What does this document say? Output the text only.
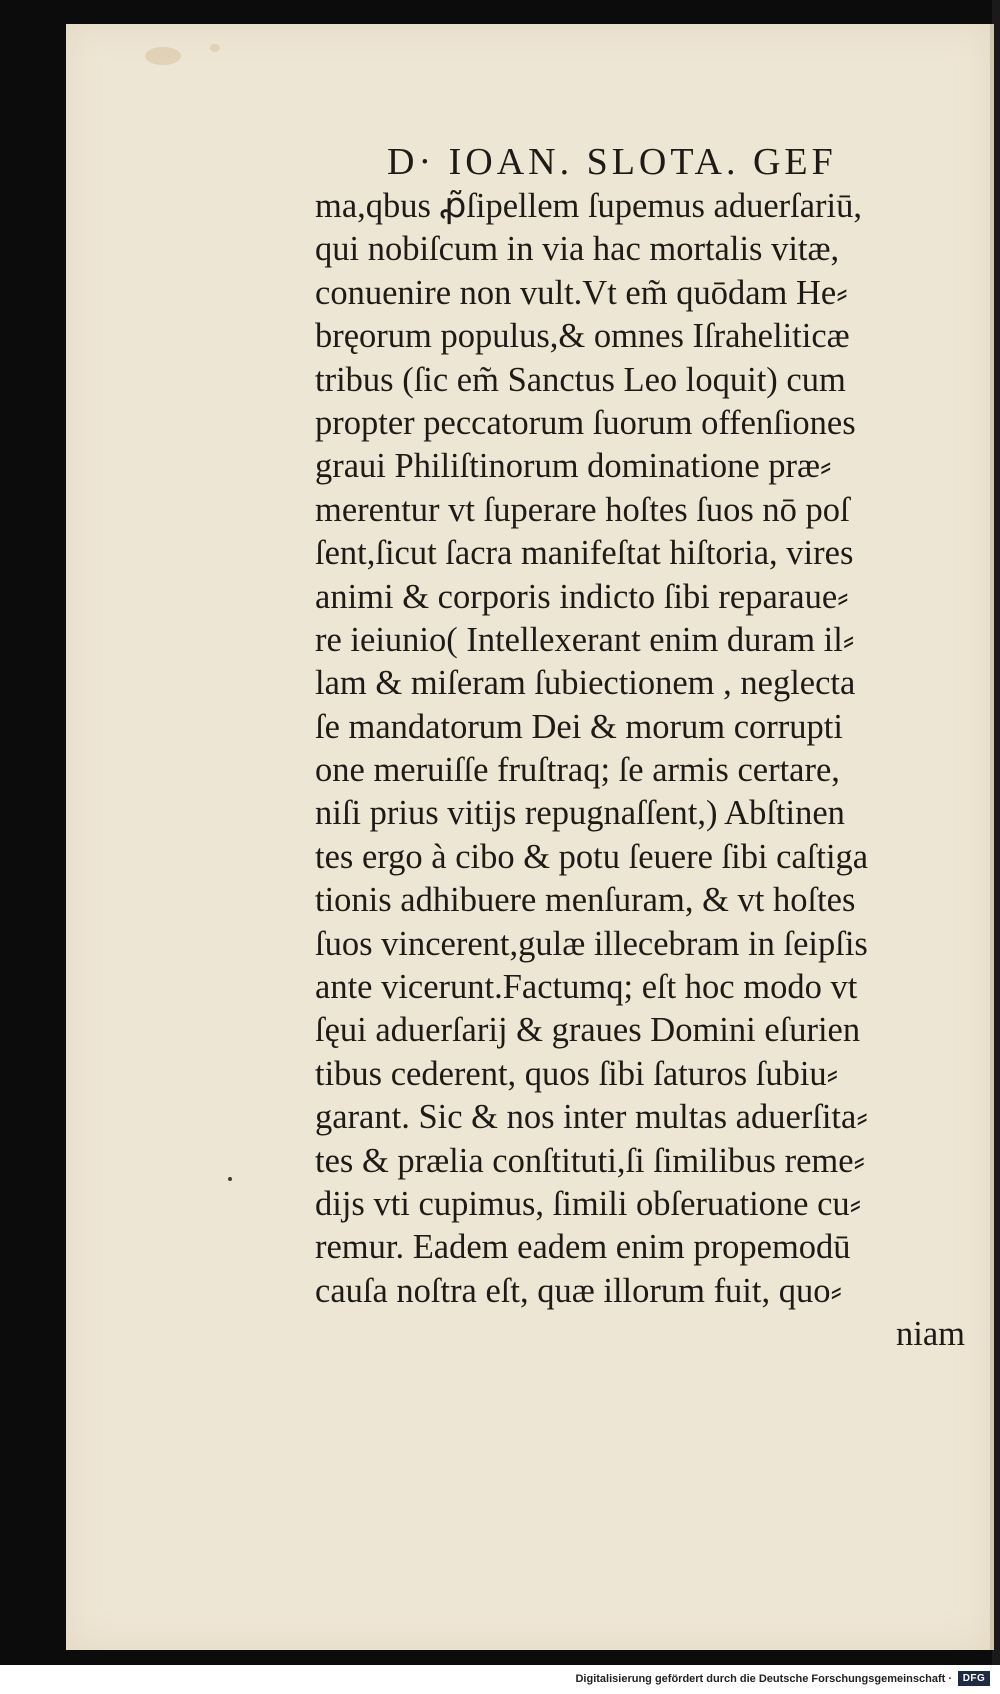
D· IOAN. SLOTA. GEF
ma,qbus ꝓ̃ſipellem ſupemus aduerſariū,
qui nobiſcum in via hac mortalis vitæ,
conuenire non vult.Vt em̃ quōdam He⸗
bręorum populus,& omnes Iſraheliticæ
tribus (ſic em̃ Sanctus Leo loquit) cum
propter peccatorum ſuorum offenſiones
graui Philiſtinorum dominatione præ⸗
merentur vt ſuperare hoſtes ſuos nō poſ
ſent,ſicut ſacra manifeſtat hiſtoria, vires
animi & corporis indicto ſibi reparaue⸗
re ieiunio( Intellexerant enim duram il⸗
lam & miſeram ſubiectionem , neglecta
ſe mandatorum Dei & morum corrupti
one meruiſſe fruſtraq; ſe armis certare,
niſi prius vitijs repugnaſſent,) Abſtinen
tes ergo à cibo & potu ſeuere ſibi caſtiga
tionis adhibuere menſuram, & vt hoſtes
ſuos vincerent,gulæ illecebram in ſeipſis
ante vicerunt.Factumq; eſt hoc modo vt
ſęui aduerſarij & graues Domini eſurien
tibus cederent, quos ſibi ſaturos ſubiu⸗
garant. Sic & nos inter multas aduerſita⸗
tes & prælia conſtituti,ſi ſimilibus reme⸗
dijs vti cupimus, ſimili obſeruatione cu⸗
remur. Eadem eadem enim propemodū
cauſa noſtra eſt, quæ illorum fuit, quo⸗
niam
Digitalisierung gefördert durch die Deutsche Forschungsgemeinschaft ·	DFG
